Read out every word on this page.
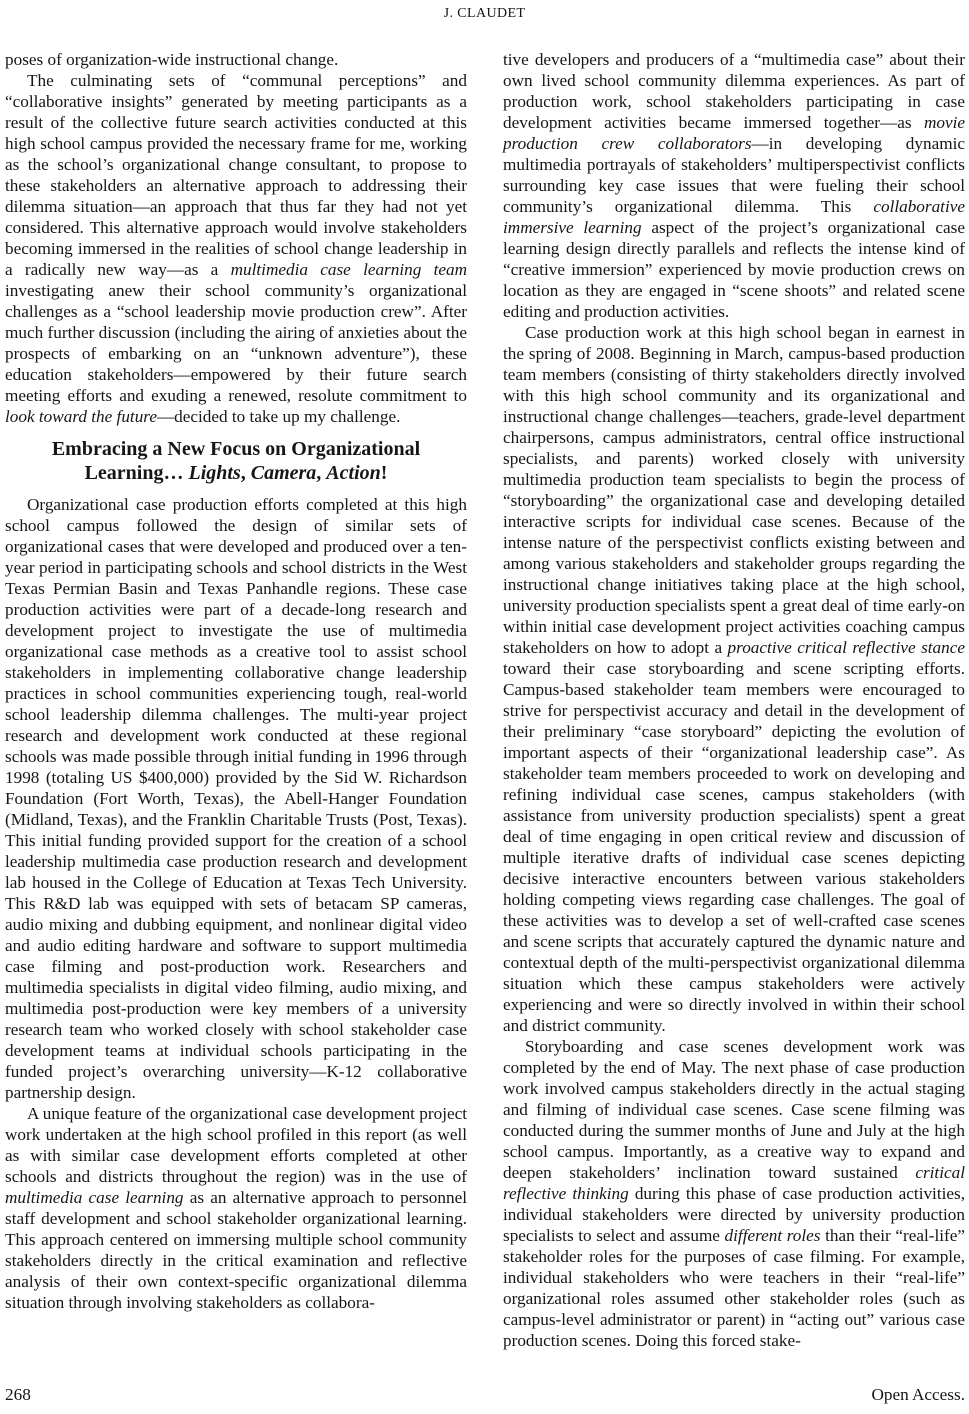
J. CLAUDET

poses of organization-wide instructional change.

The culminating sets of “communal perceptions” and “collaborative insights” generated by meeting participants as a result of the collective future search activities conducted at this high school campus provided the necessary frame for me, working as the school’s organizational change consultant, to propose to these stakeholders an alternative approach to addressing their dilemma situation—an approach that thus far they had not yet considered. This alternative approach would involve stakeholders becoming immersed in the realities of school change leadership in a radically new way—as a multimedia case learning team investigating anew their school community’s organizational challenges as a “school leadership movie production crew”. After much further discussion (including the airing of anxieties about the prospects of embarking on an “unknown adventure”), these education stakeholders—empowered by their future search meeting efforts and exuding a renewed, resolute commitment to look toward the future—decided to take up my challenge.

Embracing a New Focus on Organizational
Learning… Lights, Camera, Action!

Organizational case production efforts completed at this high school campus followed the design of similar sets of organizational cases that were developed and produced over a ten-year period in participating schools and school districts in the West Texas Permian Basin and Texas Panhandle regions. These case production activities were part of a decade-long research and development project to investigate the use of multimedia organizational case methods as a creative tool to assist school stakeholders in implementing collaborative change leadership practices in school communities experiencing tough, real-world school leadership dilemma challenges. The multi-year project research and development work conducted at these regional schools was made possible through initial funding in 1996 through 1998 (totaling US $400,000) provided by the Sid W. Richardson Foundation (Fort Worth, Texas), the Abell-Hanger Foundation (Midland, Texas), and the Franklin Charitable Trusts (Post, Texas). This initial funding provided support for the creation of a school leadership multimedia case production research and development lab housed in the College of Education at Texas Tech University. This R&D lab was equipped with sets of betacam SP cameras, audio mixing and dubbing equipment, and nonlinear digital video and audio editing hardware and software to support multimedia case filming and post-production work. Researchers and multimedia specialists in digital video filming, audio mixing, and multimedia post-production were key members of a university research team who worked closely with school stakeholder case development teams at individual schools participating in the funded project’s overarching university—K-12 collaborative partnership design.

A unique feature of the organizational case development project work undertaken at the high school profiled in this report (as well as with similar case development efforts completed at other schools and districts throughout the region) was in the use of multimedia case learning as an alternative approach to personnel staff development and school stakeholder organizational learning. This approach centered on immersing multiple school community stakeholders directly in the critical examination and reflective analysis of their own context-specific organizational dilemma situation through involving stakeholders as collabora-

tive developers and producers of a “multimedia case” about their own lived school community dilemma experiences. As part of production work, school stakeholders participating in case development activities became immersed together—as movie production crew collaborators—in developing dynamic multimedia portrayals of stakeholders’ multiperspectivist conflicts surrounding key case issues that were fueling their school community’s organizational dilemma. This collaborative immersive learning aspect of the project’s organizational case learning design directly parallels and reflects the intense kind of “creative immersion” experienced by movie production crews on location as they are engaged in “scene shoots” and related scene editing and production activities.

Case production work at this high school began in earnest in the spring of 2008. Beginning in March, campus-based production team members (consisting of thirty stakeholders directly involved with this high school community and its organizational and instructional change challenges—teachers, grade-level department chairpersons, campus administrators, central office instructional specialists, and parents) worked closely with university multimedia production team specialists to begin the process of “storyboarding” the organizational case and developing detailed interactive scripts for individual case scenes. Because of the intense nature of the perspectivist conflicts existing between and among various stakeholders and stakeholder groups regarding the instructional change initiatives taking place at the high school, university production specialists spent a great deal of time early-on within initial case development project activities coaching campus stakeholders on how to adopt a proactive critical reflective stance toward their case storyboarding and scene scripting efforts. Campus-based stakeholder team members were encouraged to strive for perspectivist accuracy and detail in the development of their preliminary “case storyboard” depicting the evolution of important aspects of their “organizational leadership case”. As stakeholder team members proceeded to work on developing and refining individual case scenes, campus stakeholders (with assistance from university production specialists) spent a great deal of time engaging in open critical review and discussion of multiple iterative drafts of individual case scenes depicting decisive interactive encounters between various stakeholders holding competing views regarding case challenges. The goal of these activities was to develop a set of well-crafted case scenes and scene scripts that accurately captured the dynamic nature and contextual depth of the multi-perspectivist organizational dilemma situation which these campus stakeholders were actively experiencing and were so directly involved in within their school and district community.

Storyboarding and case scenes development work was completed by the end of May. The next phase of case production work involved campus stakeholders directly in the actual staging and filming of individual case scenes. Case scene filming was conducted during the summer months of June and July at the high school campus. Importantly, as a creative way to expand and deepen stakeholders’ inclination toward sustained critical reflective thinking during this phase of case production activities, individual stakeholders were directed by university production specialists to select and assume different roles than their “real-life” stakeholder roles for the purposes of case filming. For example, individual stakeholders who were teachers in their “real-life” organizational roles assumed other stakeholder roles (such as campus-level administrator or parent) in “acting out” various case production scenes. Doing this forced stake-

268	Open Access.
